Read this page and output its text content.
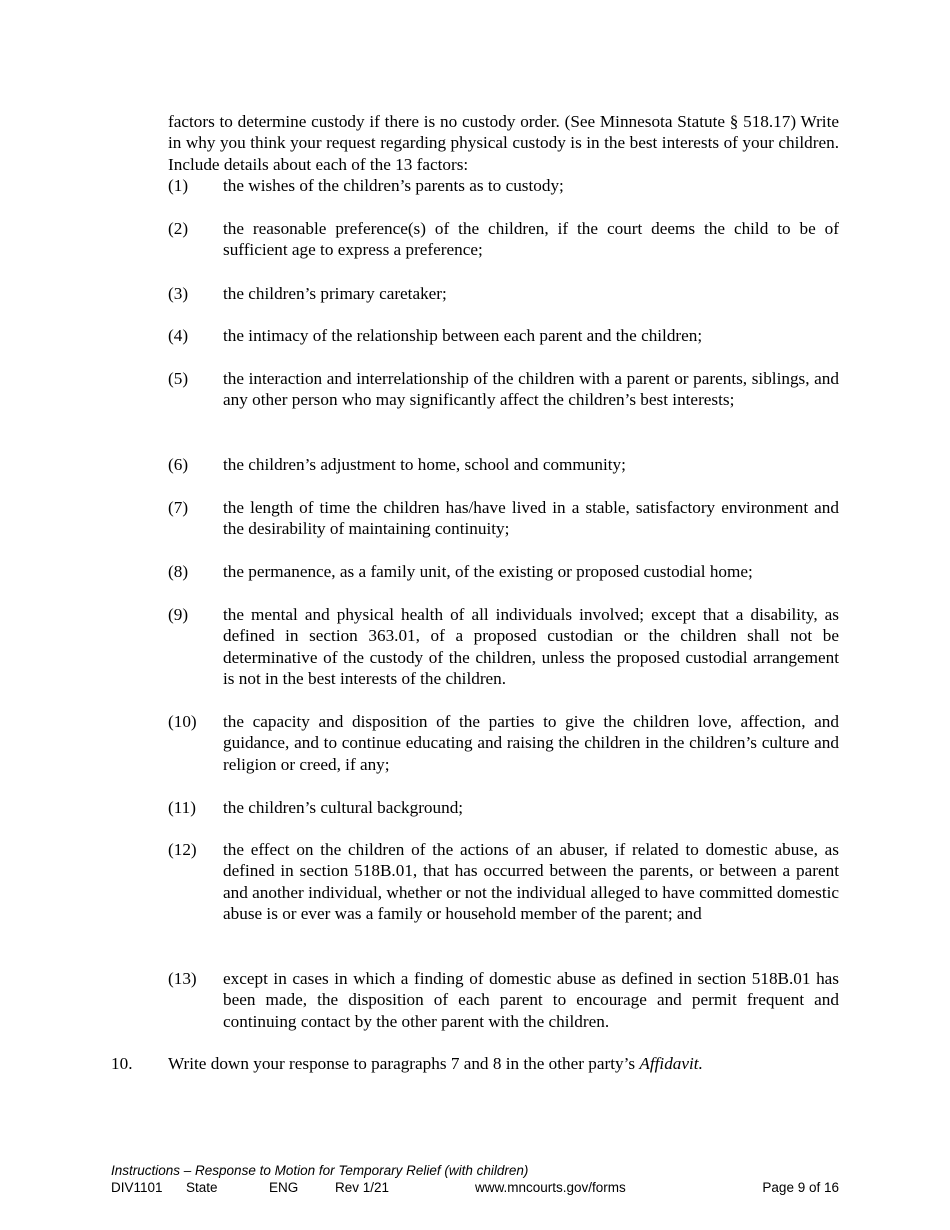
factors to determine custody if there is no custody order. (See Minnesota Statute § 518.17) Write in why you think your request regarding physical custody is in the best interests of your children. Include details about each of the 13 factors:
(1) the wishes of the children’s parents as to custody;
(2) the reasonable preference(s) of the children, if the court deems the child to be of sufficient age to express a preference;
(3) the children’s primary caretaker;
(4) the intimacy of the relationship between each parent and the children;
(5) the interaction and interrelationship of the children with a parent or parents, siblings, and any other person who may significantly affect the children’s best interests;
(6) the children’s adjustment to home, school and community;
(7) the length of time the children has/have lived in a stable, satisfactory environment and the desirability of maintaining continuity;
(8) the permanence, as a family unit, of the existing or proposed custodial home;
(9) the mental and physical health of all individuals involved; except that a disability, as defined in section 363.01, of a proposed custodian or the children shall not be determinative of the custody of the children, unless the proposed custodial arrangement is not in the best interests of the children.
(10) the capacity and disposition of the parties to give the children love, affection, and guidance, and to continue educating and raising the children in the children’s culture and religion or creed, if any;
(11) the children’s cultural background;
(12) the effect on the children of the actions of an abuser, if related to domestic abuse, as defined in section 518B.01, that has occurred between the parents, or between a parent and another individual, whether or not the individual alleged to have committed domestic abuse is or ever was a family or household member of the parent; and
(13) except in cases in which a finding of domestic abuse as defined in section 518B.01 has been made, the disposition of each parent to encourage and permit frequent and continuing contact by the other parent with the children.
10. Write down your response to paragraphs 7 and 8 in the other party’s Affidavit.
Instructions – Response to Motion for Temporary Relief (with children)
DIV1101 State	ENG	Rev 1/21	www.mncourts.gov/forms	Page 9 of 16
